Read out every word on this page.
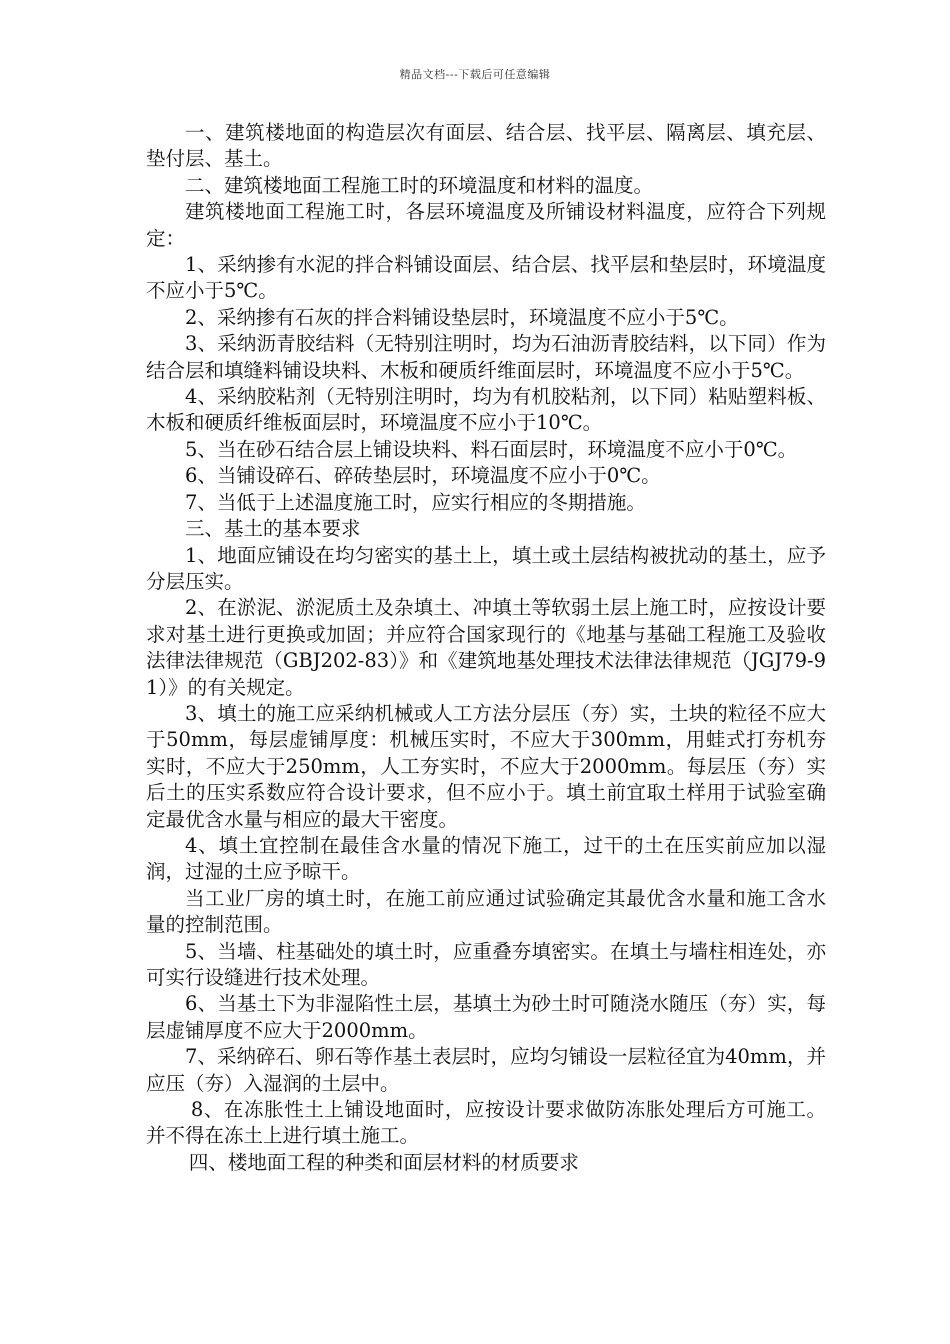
精品文档---下载后可任意编辑

一、建筑楼地面的构造层次有面层、结合层、找平层、隔离层、填充层、垫付层、基土。

二、建筑楼地面工程施工时的环境温度和材料的温度。

建筑楼地面工程施工时，各层环境温度及所铺设材料温度，应符合下列规定：

1、采纳掺有水泥的拌合料铺设面层、结合层、找平层和垫层时，环境温度不应小于5℃。

2、采纳掺有石灰的拌合料铺设垫层时，环境温度不应小于5℃。

3、采纳沥青胶结料（无特别注明时，均为石油沥青胶结料，以下同）作为结合层和填缝料铺设块料、木板和硬质纤维面层时，环境温度不应小于5℃。

4、采纳胶粘剂（无特别注明时，均为有机胶粘剂，以下同）粘贴塑料板、木板和硬质纤维板面层时，环境温度不应小于10℃。

5、当在砂石结合层上铺设块料、料石面层时，环境温度不应小于0℃。

6、当铺设碎石、碎砖垫层时，环境温度不应小于0℃。

7、当低于上述温度施工时，应实行相应的冬期措施。

三、基土的基本要求

1、地面应铺设在均匀密实的基土上，填土或土层结构被扰动的基土，应予分层压实。

2、在淤泥、淤泥质土及杂填土、冲填土等软弱土层上施工时，应按设计要求对基土进行更换或加固；并应符合国家现行的《地基与基础工程施工及验收法律法律规范（GBJ202-83）》和《建筑地基处理技术法律法律规范（JGJ79-91）》的有关规定。

3、填土的施工应采纳机械或人工方法分层压（夯）实，土块的粒径不应大于50mm，每层虚铺厚度：机械压实时，不应大于300mm，用蛙式打夯机夯实时，不应大于250mm，人工夯实时，不应大于2000mm。每层压（夯）实后土的压实系数应符合设计要求，但不应小于。填土前宜取土样用于试验室确定最优含水量与相应的最大干密度。

4、填土宜控制在最佳含水量的情况下施工，过干的土在压实前应加以湿润，过湿的土应予晾干。

当工业厂房的填土时，在施工前应通过试验确定其最优含水量和施工含水量的控制范围。

5、当墙、柱基础处的填土时，应重叠夯填密实。在填土与墙柱相连处，亦可实行设缝进行技术处理。

6、当基土下为非湿陷性土层，基填土为砂土时可随浇水随压（夯）实，每层虚铺厚度不应大于2000mm。

7、采纳碎石、卵石等作基土表层时，应均匀铺设一层粒径宜为40mm，并应压（夯）入湿润的土层中。

8、在冻胀性土上铺设地面时，应按设计要求做防冻胀处理后方可施工。并不得在冻土上进行填土施工。

四、楼地面工程的种类和面层材料的材质要求
